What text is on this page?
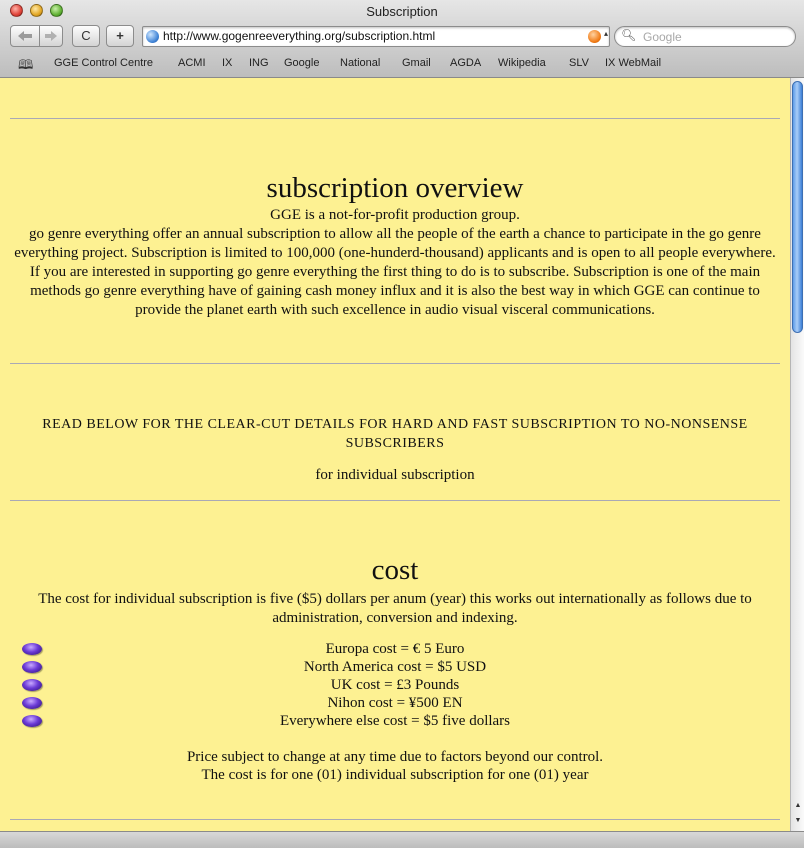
Subscription
C	+	http://www.gogenreeverything.org/subscription.html	▴ 🔍︎
Google
🕮︎ GGE Control Centre ACMI IX ING Google National Gmail AGDA Wikipedia SLV IX WebMail
subscription overview
GGE is a not-for-profit production group.
go genre everything offer an annual subscription to allow all the people of the earth a chance to participate in the go genre everything project. Subscription is limited to 100,000 (one-hunderd-thousand) applicants and is open to all people everywhere. If you are interested in supporting go genre everything the first thing to do is to subscribe. Subscription is one of the main methods go genre everything have of gaining cash money influx and it is also the best way in which GGE can continue to provide the planet earth with such excellence in audio visual visceral communications.
READ BELOW FOR THE CLEAR-CUT DETAILS FOR HARD AND FAST SUBSCRIPTION TO NO-NONSENSE SUBSCRIBERS
for individual subscription
cost
The cost for individual subscription is five ($5) dollars per anum (year) this works out internationally as follows due to administration, conversion and indexing.
Europa cost = € 5 Euro
North America cost = $5 USD
UK cost = £3 Pounds
Nihon cost = ¥500 EN
Everywhere else cost = $5 five dollars
Price subject to change at any time due to factors beyond our control.
The cost is for one (01) individual subscription for one (01) year
▲
▼
